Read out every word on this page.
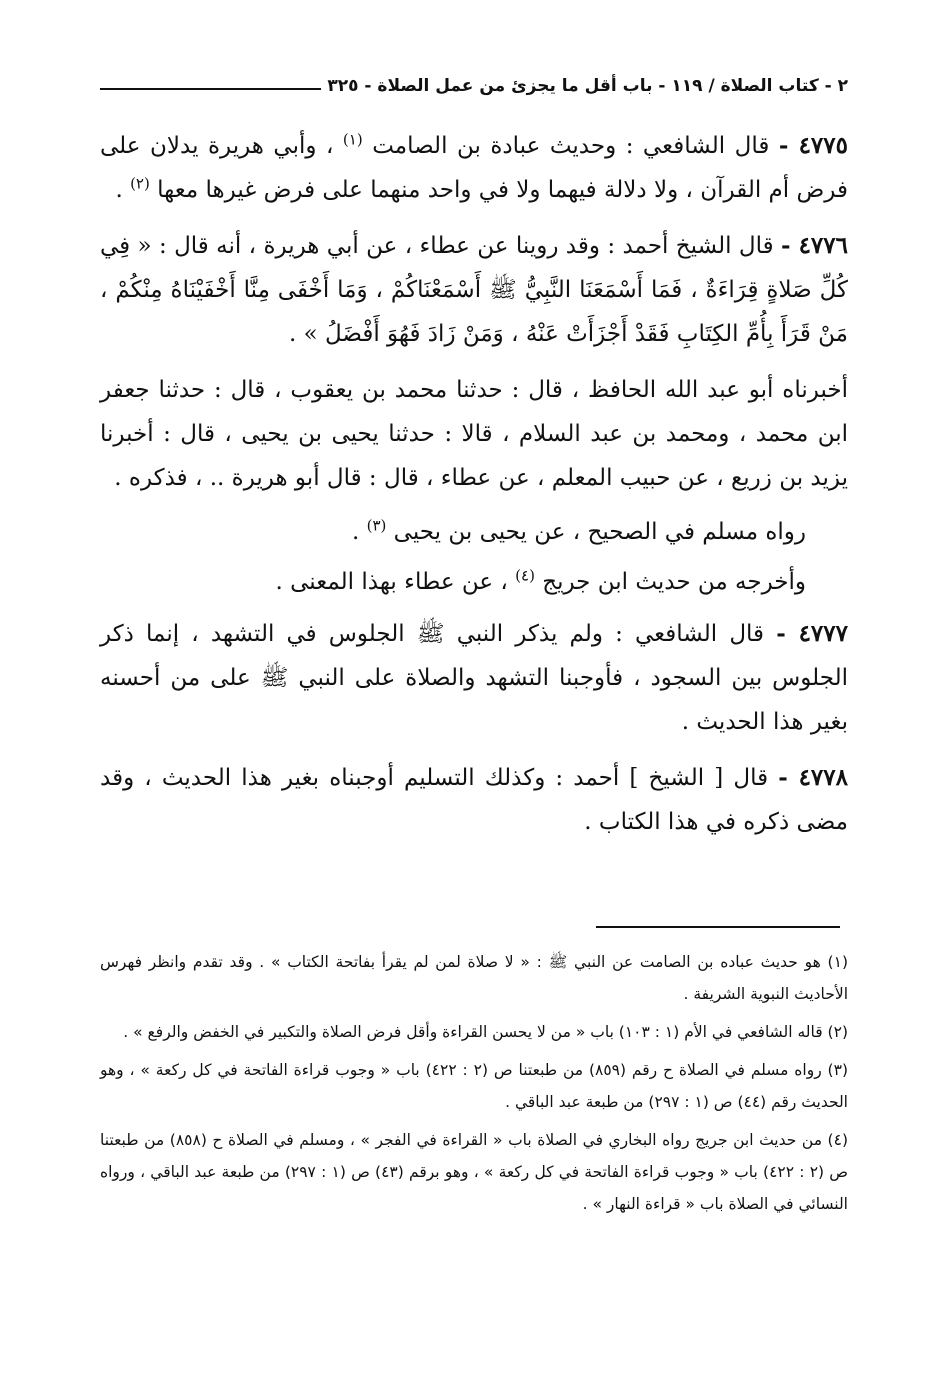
٢ - كتاب الصلاة / ١١٩ - باب أقل ما يجزئ من عمل الصلاة - ٣٢٥

٤٧٧٥ - قال الشافعي : وحديث عبادة بن الصامت $^{(١)}$ ، وأبي هريرة يدلان على فرض أم القرآن ، ولا دلالة فيهما ولا في واحد منهما على فرض غيرها معها $^{(٢)}$ .

٤٧٧٦ - قال الشيخ أحمد : وقد روينا عن عطاء ، عن أبي هريرة ، أنه قال : « فِي كُلِّ صَلاةٍ قِرَاءَةٌ ، فَمَا أَسْمَعَنَا النَّبِيُّ ﷺ أَسْمَعْنَاكُمْ ، وَمَا أَخْفَى مِنَّا أَخْفَيْنَاهُ مِنْكُمْ ، مَنْ قَرَأَ بِأُمِّ الكِتَابِ فَقَدْ أَجْزَأَتْ عَنْهُ ، وَمَنْ زَادَ فَهُوَ أَفْضَلُ » .

أخبرناه أبو عبد الله الحافظ ، قال : حدثنا محمد بن يعقوب ، قال : حدثنا جعفر ابن محمد ، ومحمد بن عبد السلام ، قالا : حدثنا يحيى بن يحيى ، قال : أخبرنا يزيد بن زريع ، عن حبيب المعلم ، عن عطاء ، قال : قال أبو هريرة .. ، فذكره .

رواه مسلم في الصحيح ، عن يحيى بن يحيى $^{(٣)}$ .

وأخرجه من حديث ابن جريج $^{(٤)}$ ، عن عطاء بهذا المعنى .

٤٧٧٧ - قال الشافعي : ولم يذكر النبي ﷺ الجلوس في التشهد ، إنما ذكر الجلوس بين السجود ، فأوجبنا التشهد والصلاة على النبي ﷺ على من أحسنه بغير هذا الحديث .

٤٧٧٨ - قال [ الشيخ ] أحمد : وكذلك التسليم أوجبناه بغير هذا الحديث ، وقد مضى ذكره في هذا الكتاب .

(١) هو حديث عباده بن الصامت عن النبي ﷺ : « لا صلاة لمن لم يقرأ بفاتحة الكتاب » . وقد تقدم وانظر فهرس الأحاديث النبوية الشريفة .

(٢) قاله الشافعي في الأم (١ : ١٠٣) باب « من لا يحسن القراءة وأقل فرض الصلاة والتكبير في الخفض والرفع » .

(٣) رواه مسلم في الصلاة ح رقم (٨٥٩) من طبعتنا ص (٢ : ٤٢٢) باب « وجوب قراءة الفاتحة في كل ركعة » ، وهو الحديث رقم (٤٤) ص (١ : ٢٩٧) من طبعة عبد الباقي .

(٤) من حديث ابن جريج رواه البخاري في الصلاة باب « القراءة في الفجر » ، ومسلم في الصلاة ح (٨٥٨) من طبعتنا ص (٢ : ٤٢٢) باب « وجوب قراءة الفاتحة في كل ركعة » ، وهو برقم (٤٣) ص (١ : ٢٩٧) من طبعة عبد الباقي ، ورواه النسائي في الصلاة باب « قراءة النهار » .
